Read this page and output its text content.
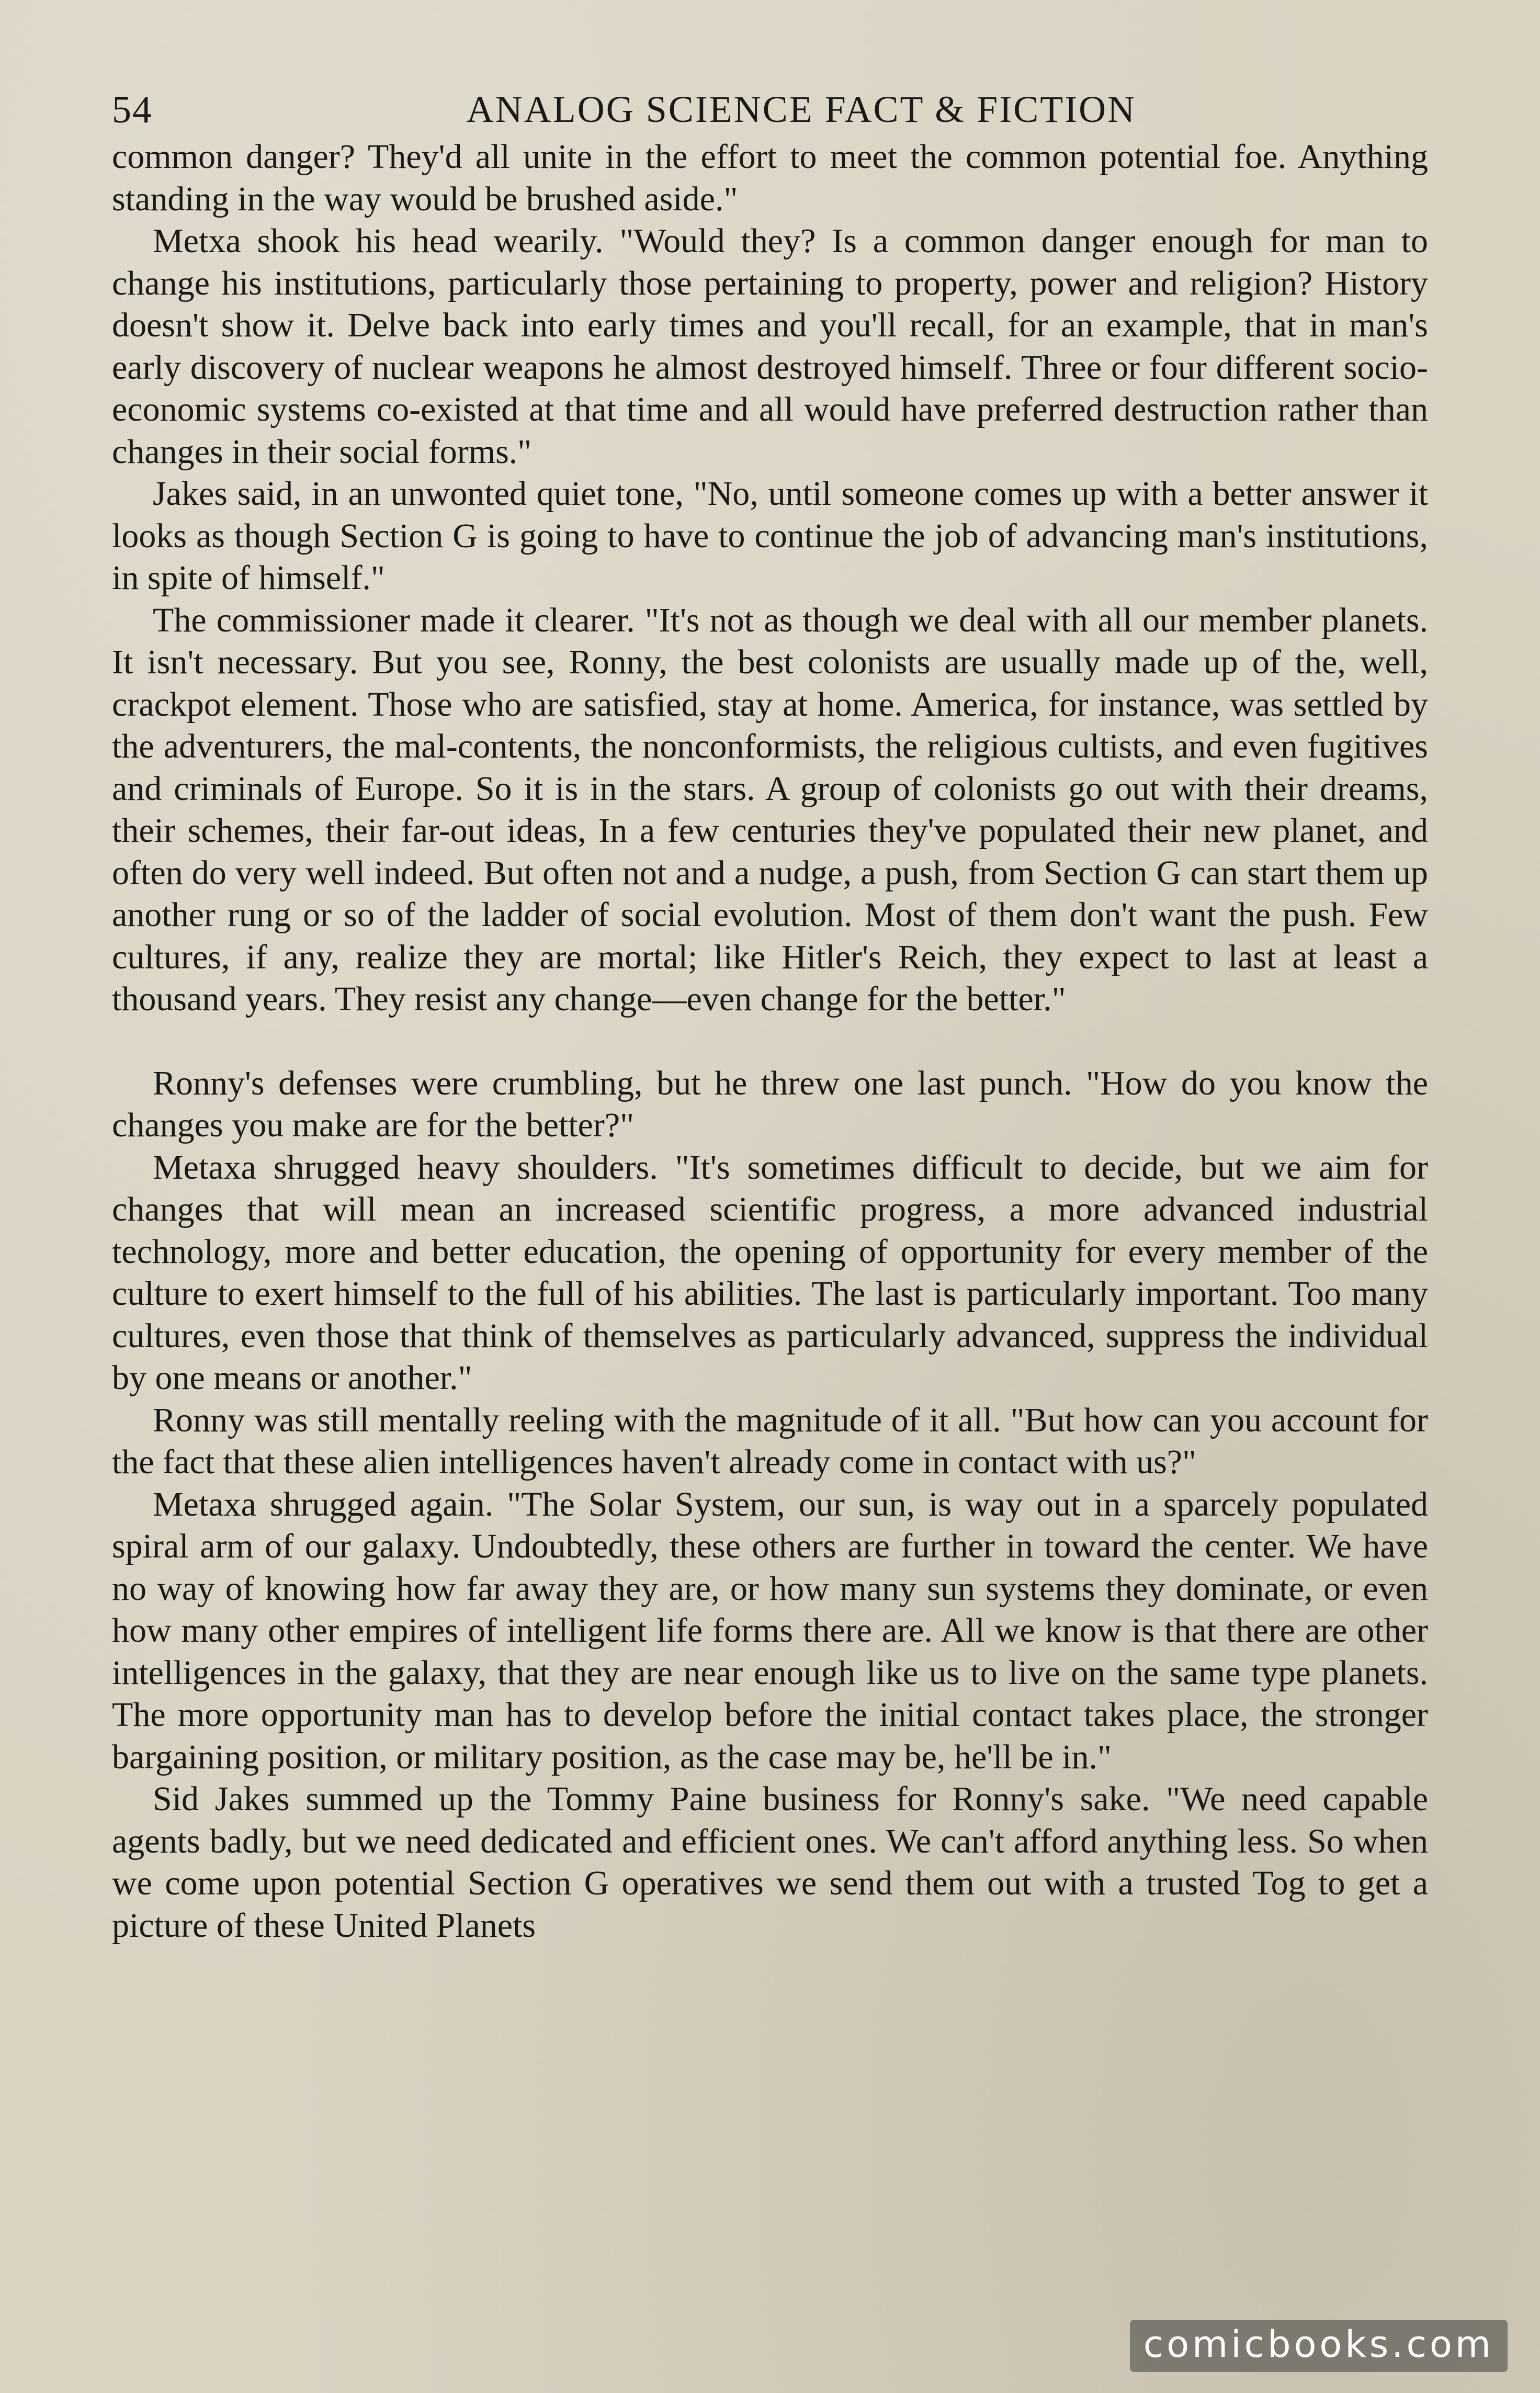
54	ANALOG SCIENCE FACT & FICTION

common danger? They'd all unite in the effort to meet the common potential foe. Anything standing in the way would be brushed aside."

Metxa shook his head wearily. "Would they? Is a common danger enough for man to change his institutions, particularly those pertaining to property, power and religion? History doesn't show it. Delve back into early times and you'll recall, for an example, that in man's early discovery of nuclear weapons he almost destroyed himself. Three or four different socio-economic systems co-existed at that time and all would have preferred destruction rather than changes in their social forms."

Jakes said, in an unwonted quiet tone, "No, until someone comes up with a better answer it looks as though Section G is going to have to continue the job of advancing man's institutions, in spite of himself."

The commissioner made it clearer. "It's not as though we deal with all our member planets. It isn't necessary. But you see, Ronny, the best colonists are usually made up of the, well, crackpot element. Those who are satisfied, stay at home. America, for instance, was settled by the adventurers, the mal-contents, the nonconformists, the religious cultists, and even fugitives and criminals of Europe. So it is in the stars. A group of colonists go out with their dreams, their schemes, their far-out ideas, In a few centuries they've populated their new planet, and often do very well indeed. But often not and a nudge, a push, from Section G can start them up another rung or so of the ladder of social evolution. Most of them don't want the push. Few cultures, if any, realize they are mortal; like Hitler's Reich, they expect to last at least a thousand years. They resist any change—even change for the better."

Ronny's defenses were crumbling, but he threw one last punch. "How do you know the changes you make are for the better?"

Metaxa shrugged heavy shoulders. "It's sometimes difficult to decide, but we aim for changes that will mean an increased scientific progress, a more advanced industrial technology, more and better education, the opening of opportunity for every member of the culture to exert himself to the full of his abilities. The last is particularly important. Too many cultures, even those that think of themselves as particularly advanced, suppress the individual by one means or another."

Ronny was still mentally reeling with the magnitude of it all. "But how can you account for the fact that these alien intelligences haven't already come in contact with us?"

Metaxa shrugged again. "The Solar System, our sun, is way out in a sparcely populated spiral arm of our galaxy. Undoubtedly, these others are further in toward the center. We have no way of knowing how far away they are, or how many sun systems they dominate, or even how many other empires of intelligent life forms there are. All we know is that there are other intelligences in the galaxy, that they are near enough like us to live on the same type planets. The more opportunity man has to develop before the initial contact takes place, the stronger bargaining position, or military position, as the case may be, he'll be in."

Sid Jakes summed up the Tommy Paine business for Ronny's sake. "We need capable agents badly, but we need dedicated and efficient ones. We can't afford anything less. So when we come upon potential Section G operatives we send them out with a trusted Tog to get a picture of these United Planets

comicbooks.com
